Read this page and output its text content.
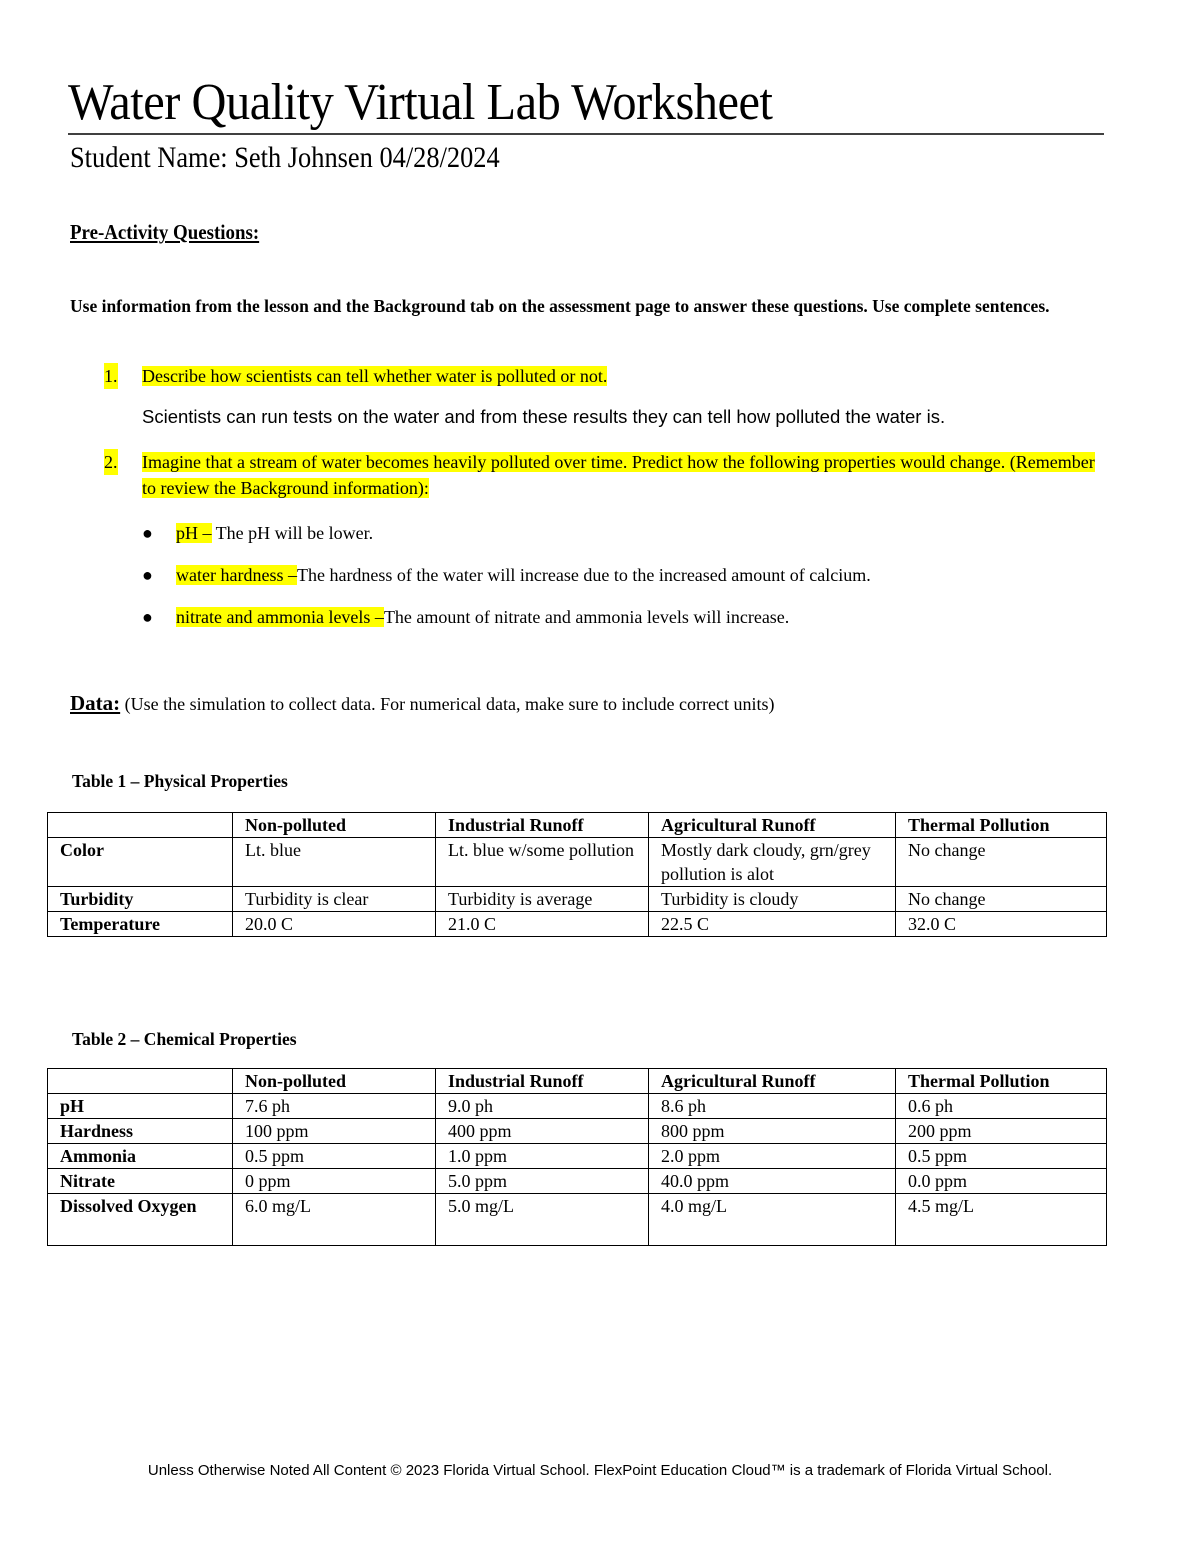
Water Quality Virtual Lab Worksheet
Student Name: Seth Johnsen 04/28/2024
Pre-Activity Questions:
Use information from the lesson and the Background tab on the assessment page to answer these questions. Use complete sentences.
1. Describe how scientists can tell whether water is polluted or not.
Scientists can run tests on the water and from these results they can tell how polluted the water is.
2. Imagine that a stream of water becomes heavily polluted over time. Predict how the following properties would change. (Remember to review the Background information):
● pH – The pH will be lower.
● water hardness –The hardness of the water will increase due to the increased amount of calcium.
● nitrate and ammonia levels –The amount of nitrate and ammonia levels will increase.
Data: (Use the simulation to collect data. For numerical data, make sure to include correct units)
Table 1 – Physical Properties
	Non-polluted	Industrial Runoff	Agricultural Runoff	Thermal Pollution
Color	Lt. blue	Lt. blue w/some pollution	Mostly dark cloudy, grn/grey pollution is alot	No change
Turbidity	Turbidity is clear	Turbidity is average	Turbidity is cloudy	No change
Temperature	20.0 C	21.0 C	22.5 C	32.0 C
Table 2 – Chemical Properties
	Non-polluted	Industrial Runoff	Agricultural Runoff	Thermal Pollution
pH	7.6 ph	9.0 ph	8.6 ph	0.6 ph
Hardness	100 ppm	400 ppm	800 ppm	200 ppm
Ammonia	0.5 ppm	1.0 ppm	2.0 ppm	0.5 ppm
Nitrate	0 ppm	5.0 ppm	40.0 ppm	0.0 ppm
Dissolved Oxygen	6.0 mg/L	5.0 mg/L	4.0 mg/L	4.5 mg/L
Unless Otherwise Noted All Content © 2023 Florida Virtual School. FlexPoint Education Cloud™ is a trademark of Florida Virtual School.
